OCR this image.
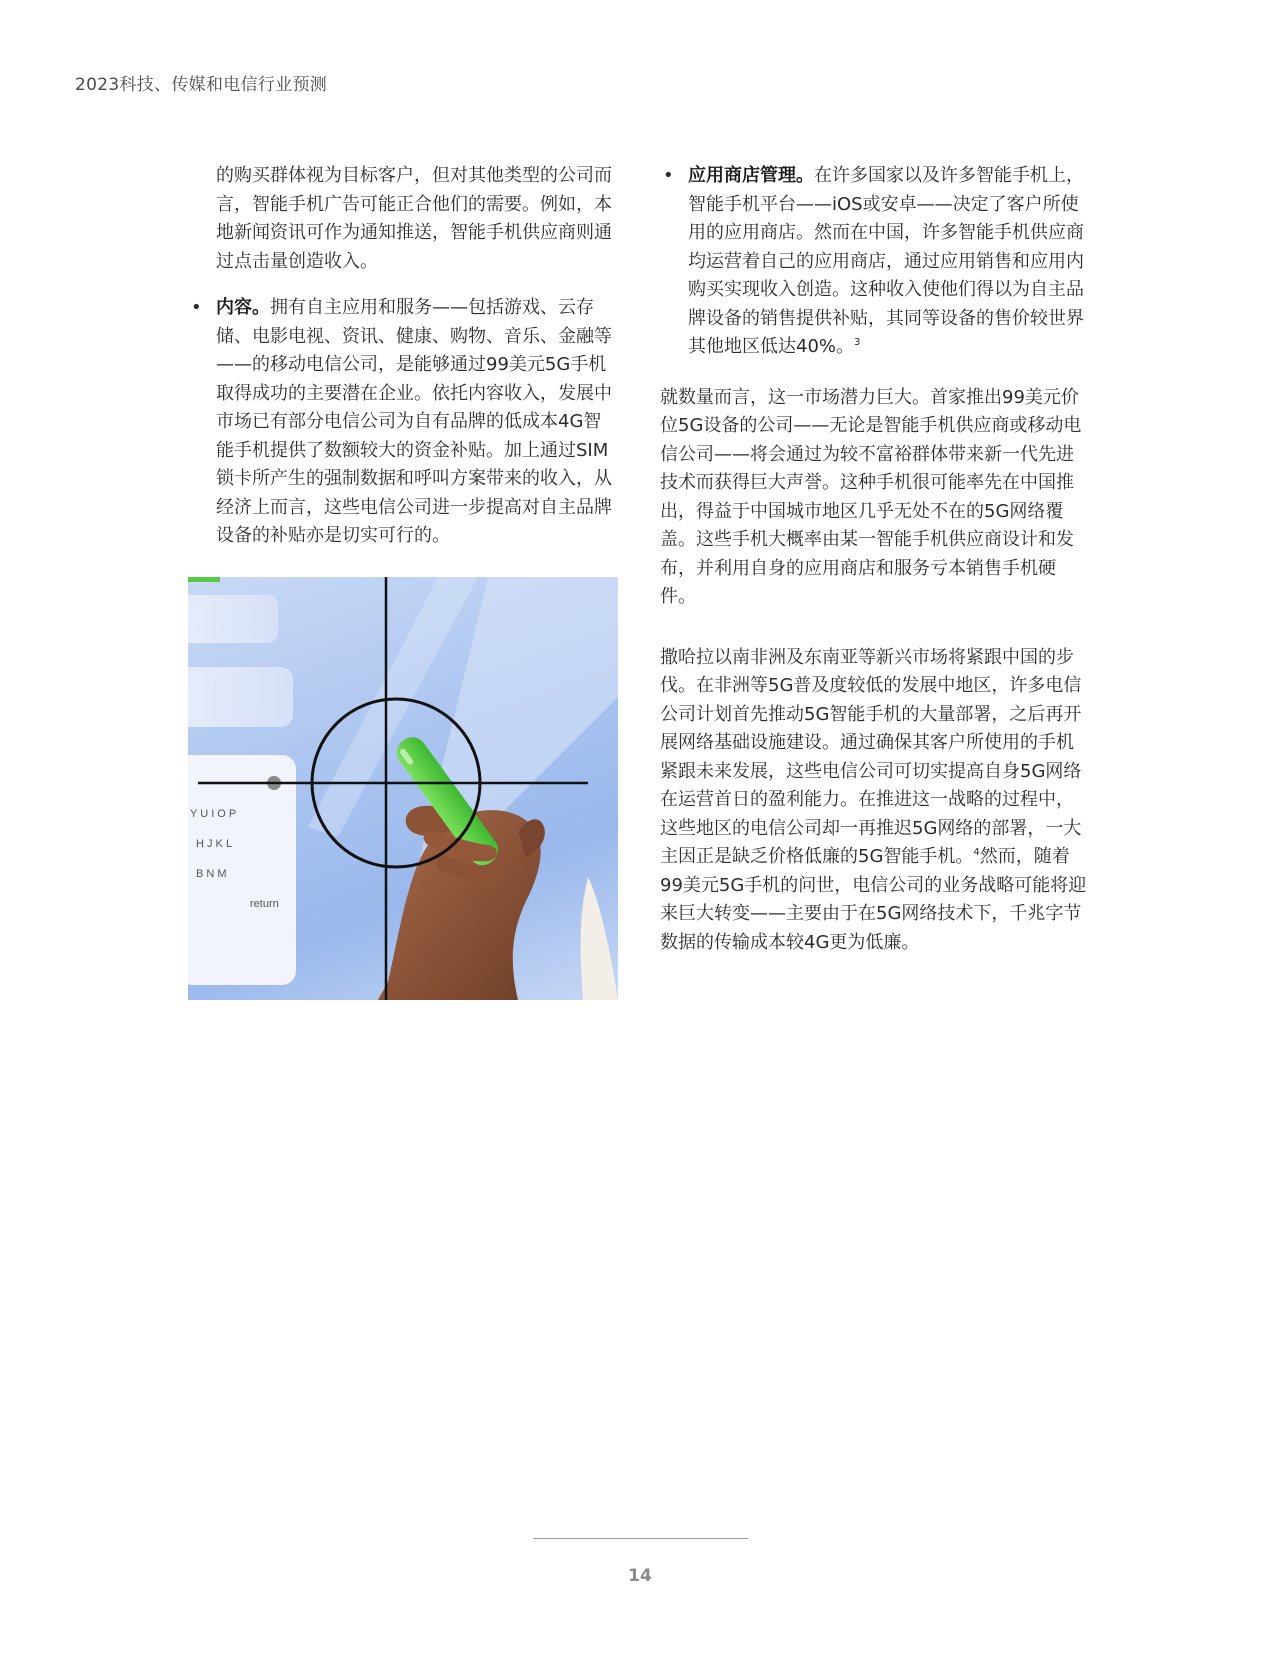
2023科技、传媒和电信行业预测

的购买群体视为目标客户，但对其他类型的公司而言，智能手机广告可能正合他们的需要。例如，本地新闻资讯可作为通知推送，智能手机供应商则通过点击量创造收入。

• 内容。拥有自主应用和服务——包括游戏、云存储、电影电视、资讯、健康、购物、音乐、金融等——的移动电信公司，是能够通过99美元5G手机取得成功的主要潜在企业。依托内容收入，发展中市场已有部分电信公司为自有品牌的低成本4G智能手机提供了数额较大的资金补贴。加上通过SIM锁卡所产生的强制数据和呼叫方案带来的收入，从经济上而言，这些电信公司进一步提高对自主品牌设备的补贴亦是切实可行的。
Y U I O P
H J K L
B N M
return
• 应用商店管理。在许多国家以及许多智能手机上，智能手机平台——iOS或安卓——决定了客户所使用的应用商店。然而在中国，许多智能手机供应商均运营着自己的应用商店，通过应用销售和应用内购买实现收入创造。这种收入使他们得以为自主品牌设备的销售提供补贴，其同等设备的售价较世界其他地区低达40%。$^3$

就数量而言，这一市场潜力巨大。首家推出99美元价位5G设备的公司——无论是智能手机供应商或移动电信公司——将会通过为较不富裕群体带来新一代先进技术而获得巨大声誉。这种手机很可能率先在中国推出，得益于中国城市地区几乎无处不在的5G网络覆盖。这些手机大概率由某一智能手机供应商设计和发布，并利用自身的应用商店和服务亏本销售手机硬件。

撒哈拉以南非洲及东南亚等新兴市场将紧跟中国的步伐。在非洲等5G普及度较低的发展中地区，许多电信公司计划首先推动5G智能手机的大量部署，之后再开展网络基础设施建设。通过确保其客户所使用的手机紧跟未来发展，这些电信公司可切实提高自身5G网络在运营首日的盈利能力。在推进这一战略的过程中，这些地区的电信公司却一再推迟5G网络的部署，一大主因正是缺乏价格低廉的5G智能手机。$^4$然而，随着99美元5G手机的问世，电信公司的业务战略可能将迎来巨大转变——主要由于在5G网络技术下，千兆字节数据的传输成本较4G更为低廉。

14
